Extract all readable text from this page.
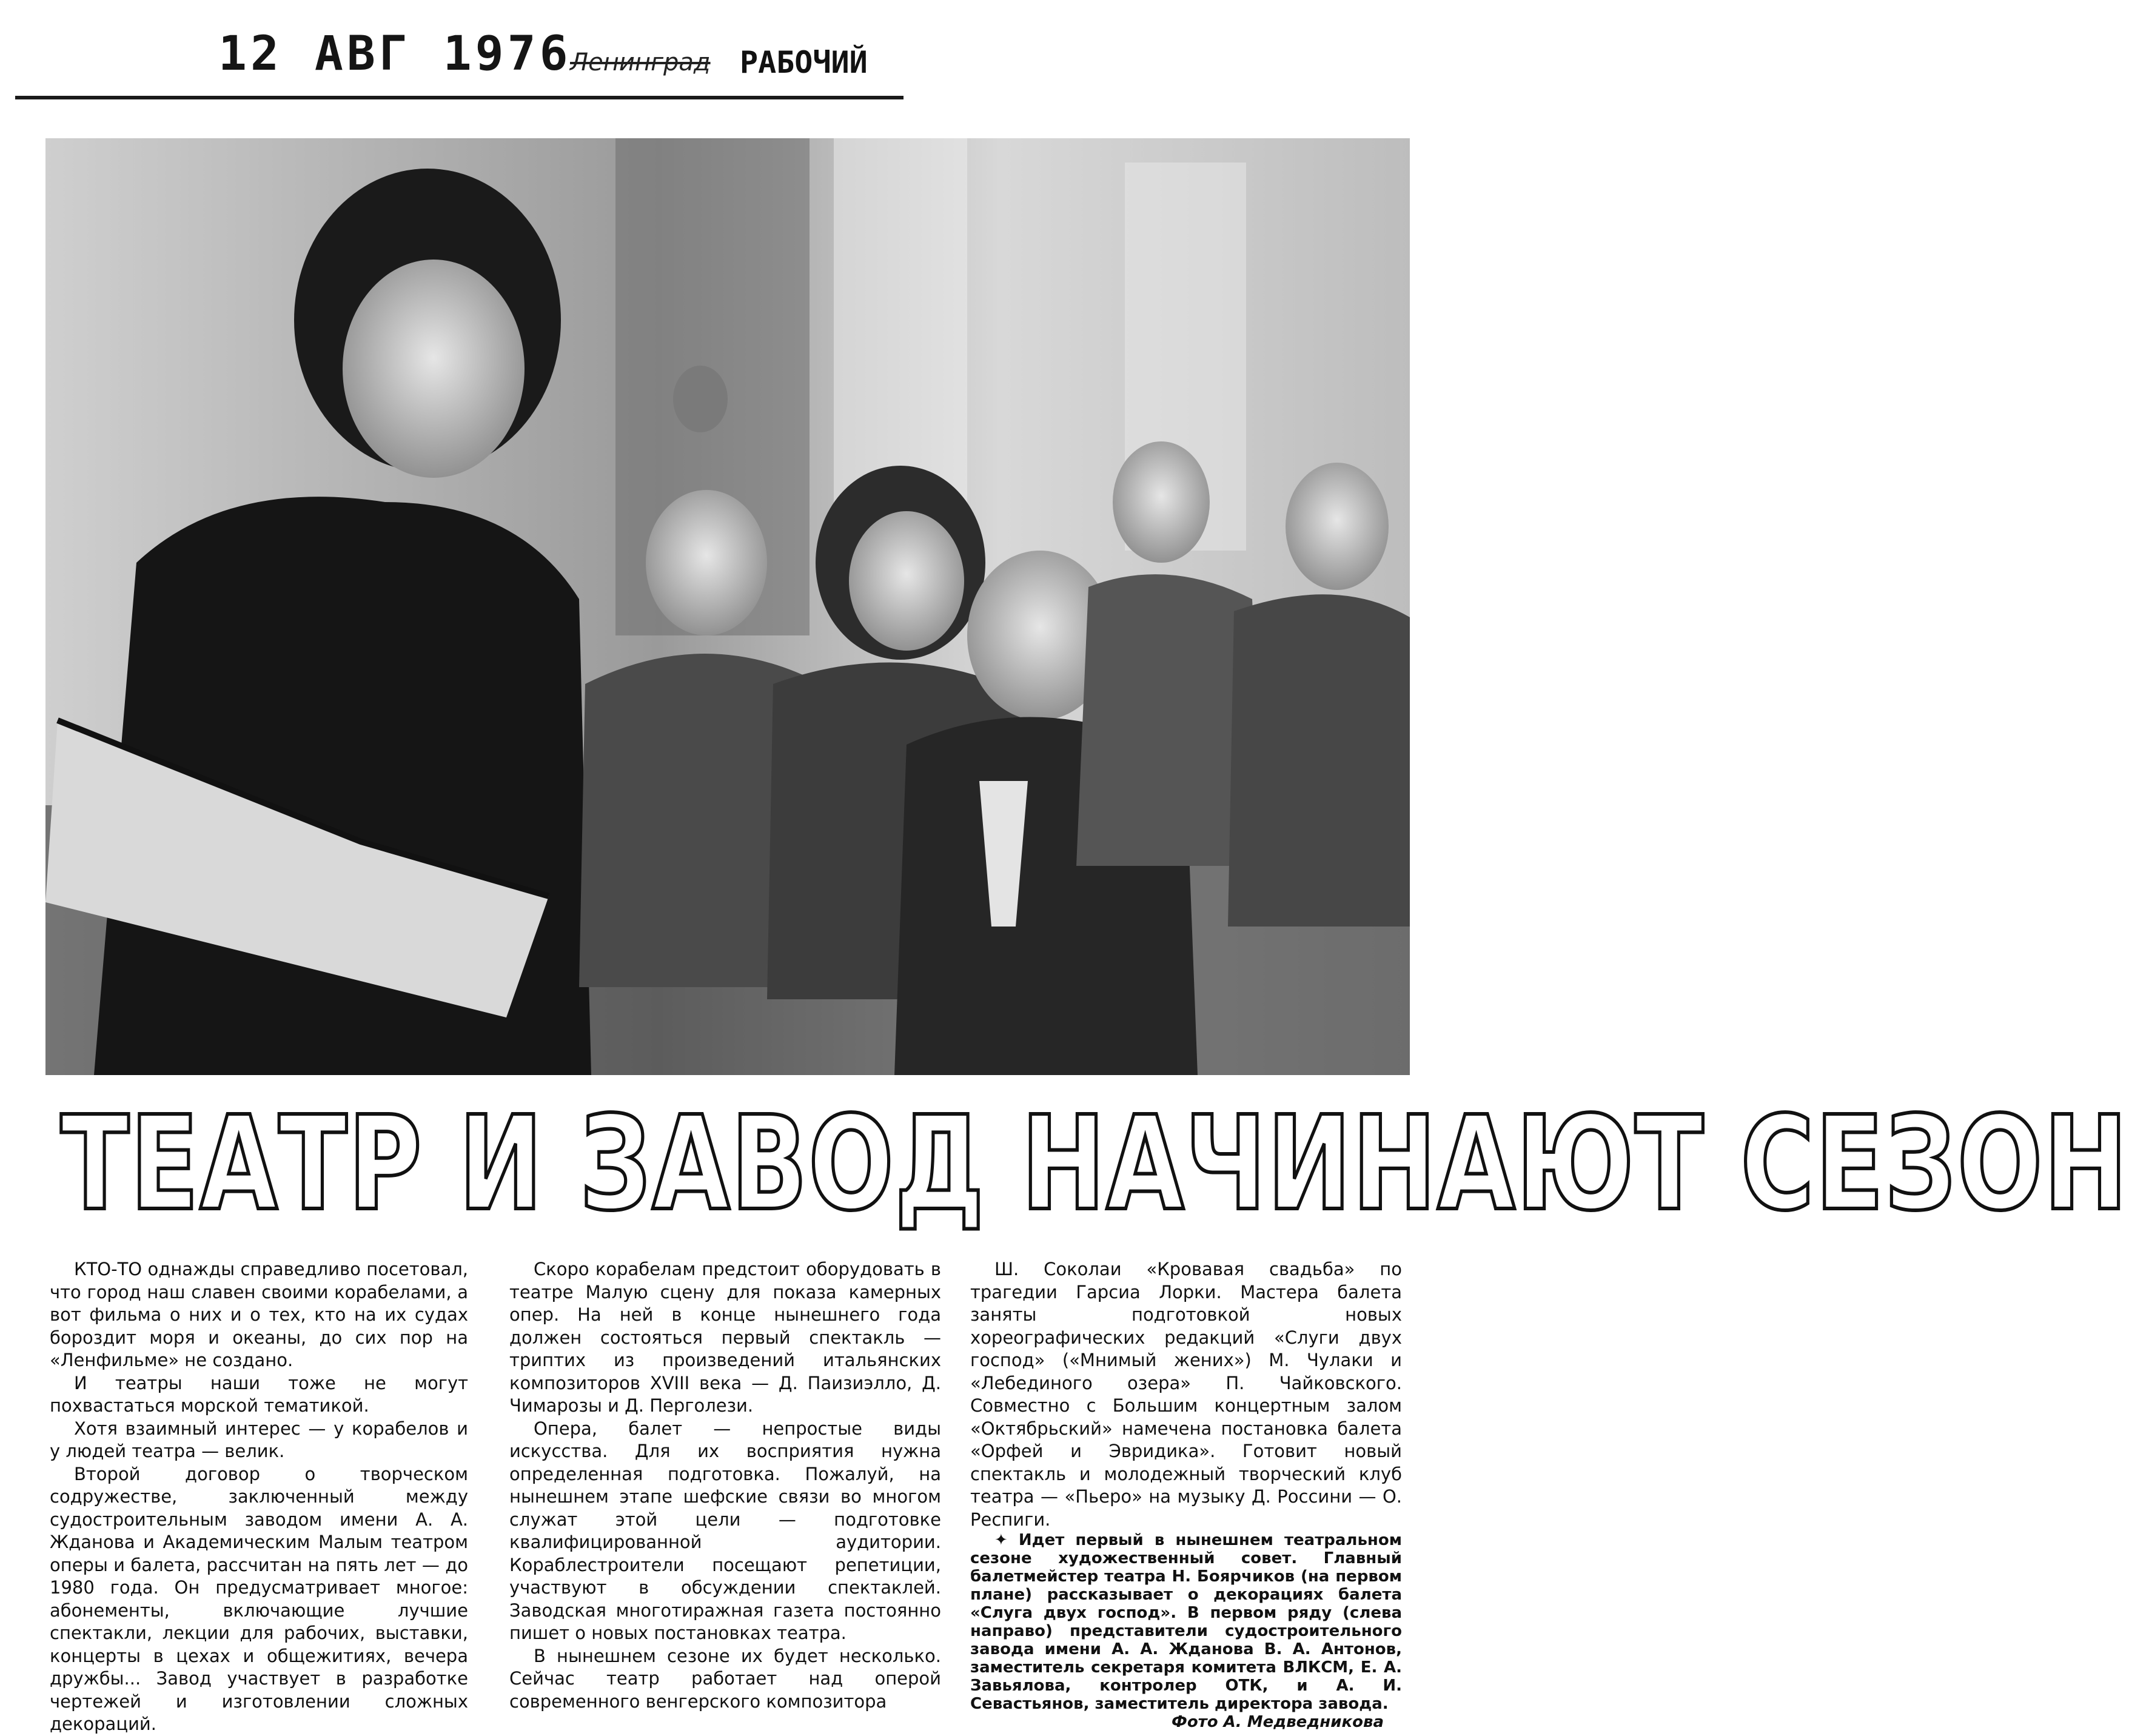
12 АВГ 1976
Ленинград РАБОЧИЙ
ТЕАТР И ЗАВОД НАЧИНАЮТ СЕЗОН

КТО-ТО однажды справедливо посетовал, что город наш славен своими корабелами, а вот фильма о них и о тех, кто на их судах бороздит моря и океаны, до сих пор на «Ленфильме» не создано.

И театры наши тоже не могут похвастаться морской тематикой.

Хотя взаимный интерес — у корабелов и у людей театра — велик.

Второй договор о творческом содружестве, заключенный между судостроительным заводом имени А. А. Жданова и Академическим Малым театром оперы и балета, рассчитан на пять лет — до 1980 года. Он предусматривает многое: абонементы, включающие лучшие спектакли, лекции для рабочих, выставки, концерты в цехах и общежитиях, вечера дружбы... Завод участвует в разработке чертежей и изготовлении сложных декораций.

Скоро корабелам предстоит оборудовать в театре Малую сцену для показа камерных опер. На ней в конце нынешнего года должен состояться первый спектакль — триптих из произведений итальянских композиторов XVIII века — Д. Паизиэлло, Д. Чимарозы и Д. Перголези.

Опера, балет — непростые виды искусства. Для их восприятия нужна определенная подготовка. Пожалуй, на нынешнем этапе шефские связи во многом служат этой цели — подготовке квалифицированной аудитории. Кораблестроители посещают репетиции, участвуют в обсуждении спектаклей. Заводская многотиражная газета постоянно пишет о новых постановках театра.

В нынешнем сезоне их будет несколько. Сейчас театр работает над оперой современного венгерского композитора

Ш. Соколаи «Кровавая свадьба» по трагедии Гарсиа Лорки. Мастера балета заняты подготовкой новых хореографических редакций «Слуги двух господ» («Мнимый жених») М. Чулаки и «Лебединого озера» П. Чайковского. Совместно с Большим концертным залом «Октябрьский» намечена постановка балета «Орфей и Эвридика». Готовит новый спектакль и молодежный творческий клуб театра — «Пьеро» на музыку Д. Россини — О. Респиги.

✦ Идет первый в нынешнем театральном сезоне художественный совет. Главный балетмейстер театра Н. Боярчиков (на первом плане) рассказывает о декорациях балета «Слуга двух господ». В первом ряду (слева направо) представители судостроительного завода имени А. А. Жданова В. А. Антонов, заместитель секретаря комитета ВЛКСМ, Е. А. Завьялова, контролер ОТК, и А. И. Севастьянов, заместитель директора завода.

Фото А. Медведникова
